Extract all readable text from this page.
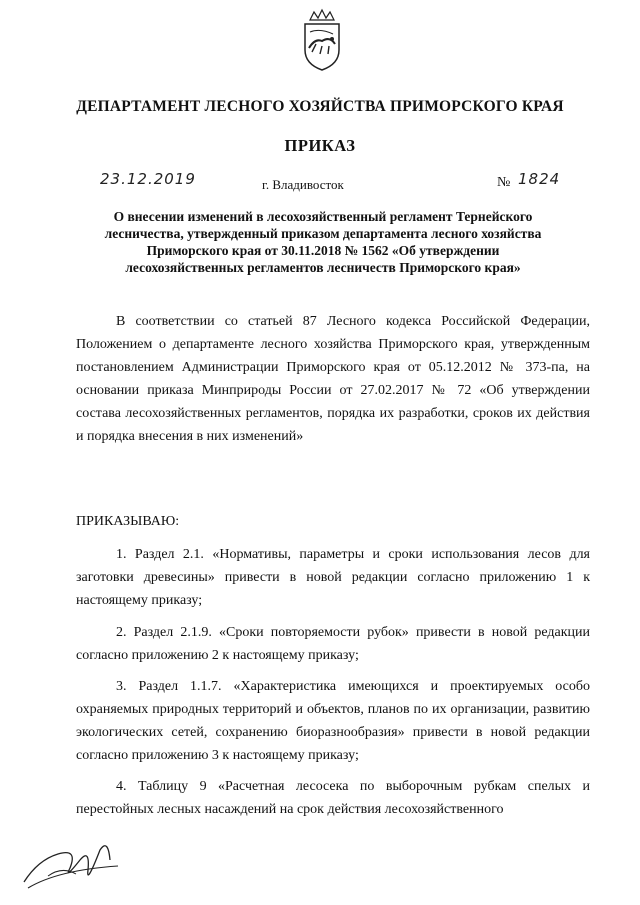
ДЕПАРТАМЕНТ ЛЕСНОГО ХОЗЯЙСТВА ПРИМОРСКОГО КРАЯ
ПРИКАЗ
23.12.2019	г. Владивосток	№ 1824
О внесении изменений в лесохозяйственный регламент Тернейского лесничества, утвержденный приказом департамента лесного хозяйства Приморского края от 30.11.2018 № 1562 «Об утверждении лесохозяйственных регламентов лесничеств Приморского края»
В соответствии со статьей 87 Лесного кодекса Российской Федерации, Положением о департаменте лесного хозяйства Приморского края, утвержденным постановлением Администрации Приморского края от 05.12.2012 № 373-па, на основании приказа Минприроды России от 27.02.2017 № 72 «Об утверждении состава лесохозяйственных регламентов, порядка их разработки, сроков их действия и порядка внесения в них изменений»
ПРИКАЗЫВАЮ:
1. Раздел 2.1. «Нормативы, параметры и сроки использования лесов для заготовки древесины» привести в новой редакции согласно приложению 1 к настоящему приказу;
2. Раздел 2.1.9. «Сроки повторяемости рубок» привести в новой редакции согласно приложению 2 к настоящему приказу;
3. Раздел 1.1.7. «Характеристика имеющихся и проектируемых особо охраняемых природных территорий и объектов, планов по их организации, развитию экологических сетей, сохранению биоразнообразия» привести в новой редакции согласно приложению 3 к настоящему приказу;
4. Таблицу 9 «Расчетная лесосека по выборочным рубкам спелых и перестойных лесных насаждений на срок действия лесохозяйственного
